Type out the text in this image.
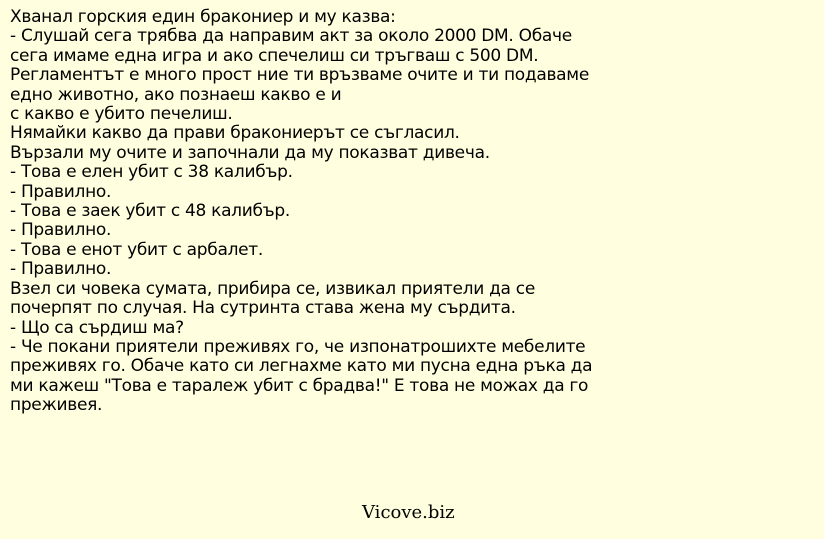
Хванал горския един бракониер и му казва:
- Слушай сега трябва да направим акт за около 2000 DM. Обаче
сега имаме една игра и ако спечелиш си тръгваш с 500 DM.
Регламентът е много прост ние ти връзваме очите и ти подаваме
едно животно, ако познаеш какво е и
с какво е убито печелиш.
Нямайки какво да прави бракониерът се съгласил.
Вързали му очите и започнали да му показват дивеча.
- Това е елен убит с 38 калибър.
- Правилно.
- Това е заек убит с 48 калибър.
- Правилно.
- Това е енот убит с арбалет.
- Правилно.
Взел си човека сумата, прибира се, извикал приятели да се
почерпят по случая. На сутринта става жена му сърдита.
- Що са сърдиш ма?
- Че покани приятели преживях го, че изпонатрошихте мебелите
преживях го. Обаче като си легнахме като ми пусна една ръка да
ми кажеш "Това е таралеж убит с брадва!" Е това не можах да го
преживея.
Vicove.biz
